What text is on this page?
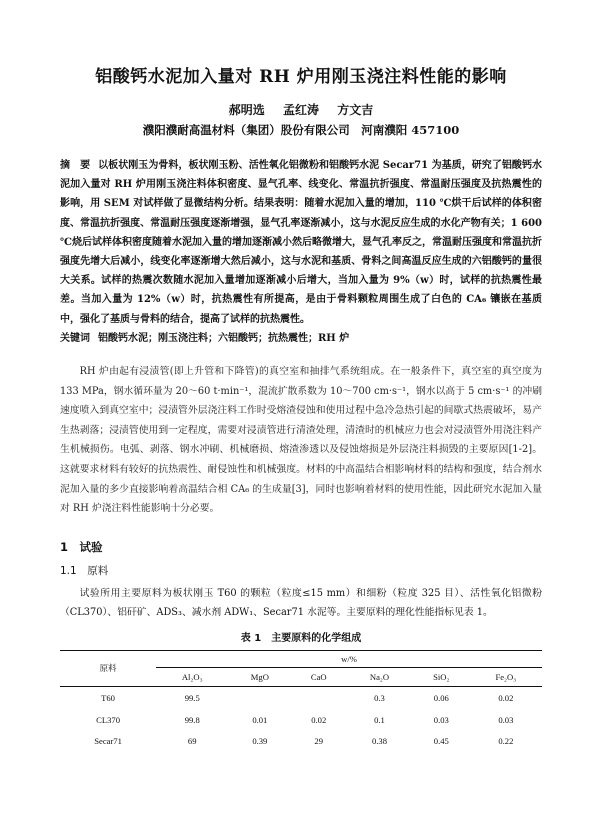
铝酸钙水泥加入量对 RH 炉用刚玉浇注料性能的影响
郝明选 孟红涛 方文吉
濮阳濮耐高温材料（集团）股份有限公司　河南濮阳 457100
摘　要 以板状刚玉为骨料，板状刚玉粉、活性氧化铝微粉和铝酸钙水泥 Secar71 为基质，研究了铝酸钙水泥加入量对 RH 炉用刚玉浇注料体积密度、显气孔率、线变化、常温抗折强度、常温耐压强度及抗热震性的影响，用 SEM 对试样做了显微结构分析。结果表明：随着水泥加入量的增加，110 ℃烘干后试样的体积密度、常温抗折强度、常温耐压强度逐渐增强，显气孔率逐渐减小，这与水泥反应生成的水化产物有关；1 600 ℃烧后试样体积密度随着水泥加入量的增加逐渐减小然后略微增大，显气孔率反之，常温耐压强度和常温抗折强度先增大后减小，线变化率逐渐增大然后减小，这与水泥和基质、骨料之间高温反应生成的六铝酸钙的量很大关系。试样的热震次数随水泥加入量增加逐渐减小后增大，当加入量为 9%（w）时，试样的抗热震性最差。当加入量为 12%（w）时，抗热震性有所提高，是由于骨料颗粒周围生成了白色的 CA₆ 镶嵌在基质中，强化了基质与骨料的结合，提高了试样的抗热震性。
关键词 铝酸钙水泥；刚玉浇注料；六铝酸钙；抗热震性；RH 炉
RH 炉由起有浸渍管(即上升管和下降管)的真空室和抽排气系统组成。在一般条件下，真空室的真空度为 133 MPa，钢水循环量为 20～60 t·min⁻¹，混流扩散系数为 10～700 cm·s⁻¹，钢水以高于 5 cm·s⁻¹ 的冲刷速度喷入到真空室中；浸渍管外层浇注料工作时受熔渣侵蚀和使用过程中急冷急热引起的间歇式热震破坏，易产生热剥落；浸渍管使用到一定程度，需要对浸渍管进行清渣处理，清渣时的机械应力也会对浸渍管外用浇注料产生机械损伤。电弧、剥落、钢水冲刷、机械磨损、熔渣渗透以及侵蚀熔损是外层浇注料损毁的主要原因[1-2]。这就要求材料有较好的抗热震性、耐侵蚀性和机械强度。材料的中高温结合相影响材料的结构和强度，结合剂水泥加入量的多少直接影响着高温结合相 CA₆ 的生成量[3]，同时也影响着材料的使用性能，因此研究水泥加入量对 RH 炉浇注料性能影响十分必要。
1　试验
1.1　原料
试验所用主要原料为板状刚玉 T60 的颗粒（粒度≤15 mm）和细粉（粒度 325 目）、活性氧化铝微粉（CL370）、铝矸矿、ADS₃、减水剂 ADW₁、Secar71 水泥等。主要原料的理化性能指标见表 1。
表 1　主要原料的化学组成
原料	w/%					
	Al₂O₃	MgO	CaO	Na₂O	SiO₂	Fe₂O₃
T60	99.5			0.3	0.06	0.02
CL370	99.8	0.01	0.02	0.1	0.03	0.03
Secar71	69	0.39	29	0.38	0.45	0.22
